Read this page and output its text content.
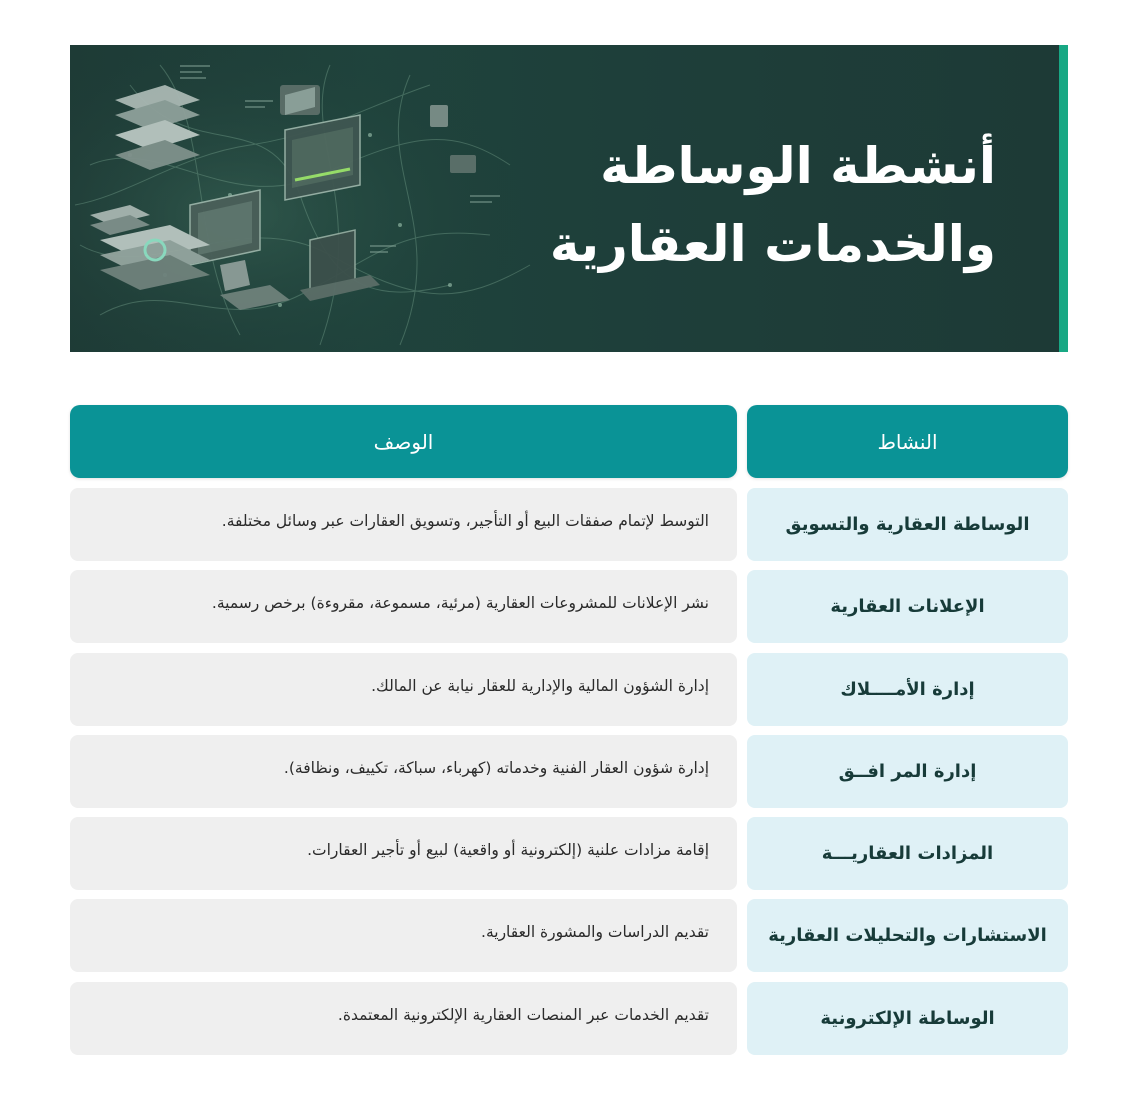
أنشطة الوساطة
والخدمات العقارية
النشاط
الوصف
الوساطة العقارية والتسويق
التوسط لإتمام صفقات البيع أو التأجير، وتسويق العقارات عبر وسائل مختلفة.
الإعلانات العقارية
نشر الإعلانات للمشروعات العقارية (مرئية، مسموعة، مقروءة) برخص رسمية.
إدارة الأمــــلاك
إدارة الشؤون المالية والإدارية للعقار نيابة عن المالك.
إدارة المر افــق
إدارة شؤون العقار الفنية وخدماته (كهرباء، سباكة، تكييف، ونظافة).
المزادات العقاريـــة
إقامة مزادات علنية (إلكترونية أو واقعية) لبيع أو تأجير العقارات.
الاستشارات والتحليلات العقارية
تقديم الدراسات والمشورة العقارية.
الوساطة الإلكترونية
تقديم الخدمات عبر المنصات العقارية الإلكترونية المعتمدة.
